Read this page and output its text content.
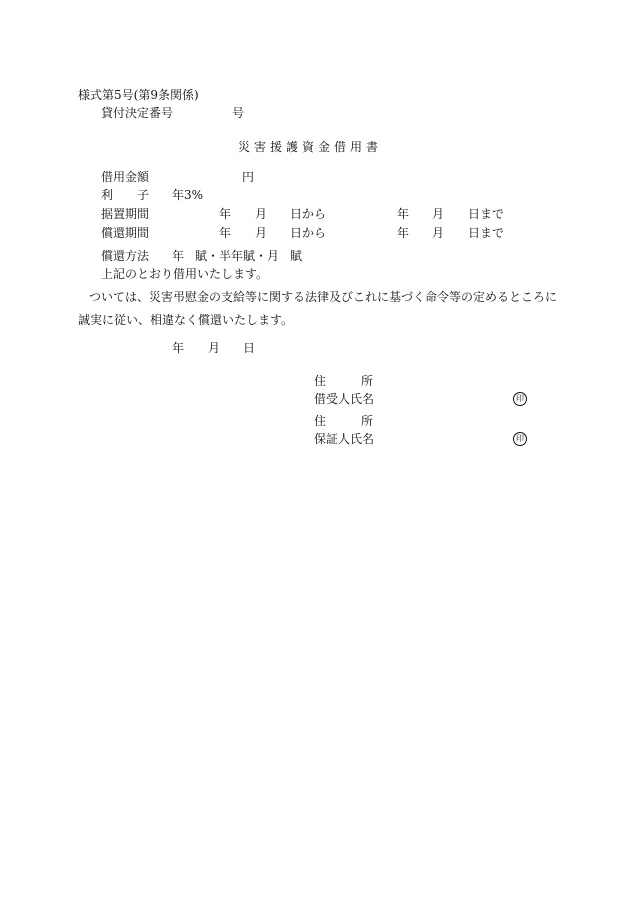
様式第5号(第9条関係)
貸付決定番号	号
災害援護資金借用書
借用金額	円
利 子 年3%
据置期間	年 月 日から	年 月 日まで
償還期間	年 月 日から	年 月 日まで
償還方法 年 賦・半年賦・月 賦
上記のとおり借用いたします。
ついては、災害弔慰金の支給等に関する法律及びこれに基づく命令等の定めるところに
誠実に従い、相違なく償還いたします。
年 月 日
住	所
借受人氏名	印
住	所
保証人氏名	印
